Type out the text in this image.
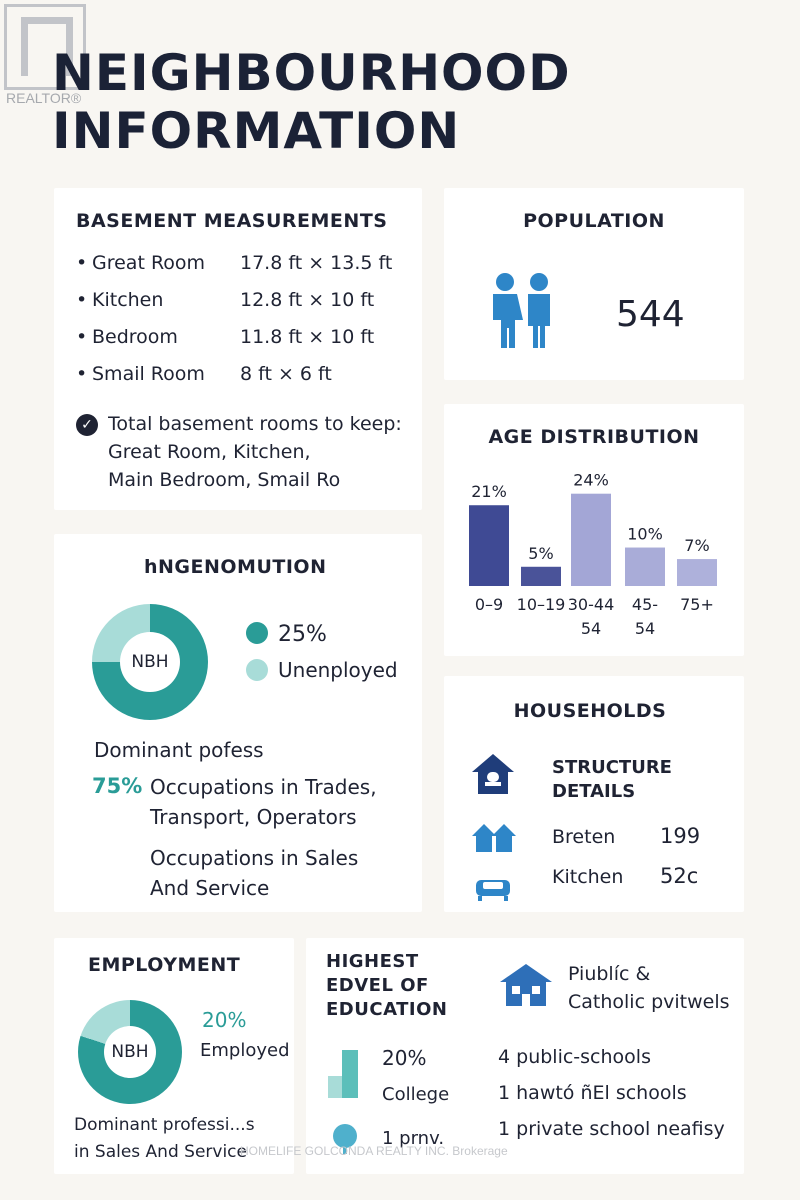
REALTOR®
NEIGHBOURHOOD
INFORMATION
BASEMENT MEASUREMENTS
• Great Room	17.8 ft × 13.5 ft
• Kitchen	12.8 ft × 10 ft
• Bedroom	11.8 ft × 10 ft
• Smail Room	8 ft × 6 ft
✓ Total basement rooms to keep:
Great Room, Kitchen,
Main Bedroom, Smail Ro
POPULATION
544
AGE DISTRIBUTION
21%
0–9
5%
10–19
24%
30-44
54
10%
45-
54
7%
75+
hNGENOMUTION
NBH
25%
Unenployed
Dominant pofess
75% Occupations in Trades,
Transport, Operators
Occupations in Sales
And Service
HOUSEHOLDS
STRUCTURE
DETAILS
Breten 199
Kitchen 52c
EMPLOYMENT
NBH
20%
Employed
Dominant professi...s
in Sales And Service
HIGHEST
EDVEL OF
EDUCATION
20%
College
1 prnv.
Piublíc &
Catholic pvitwels
4 public-schools
1 hawtó ñEl schools
1 private school neafisy
HOMELIFE GOLCONDA REALTY INC. Brokerage
